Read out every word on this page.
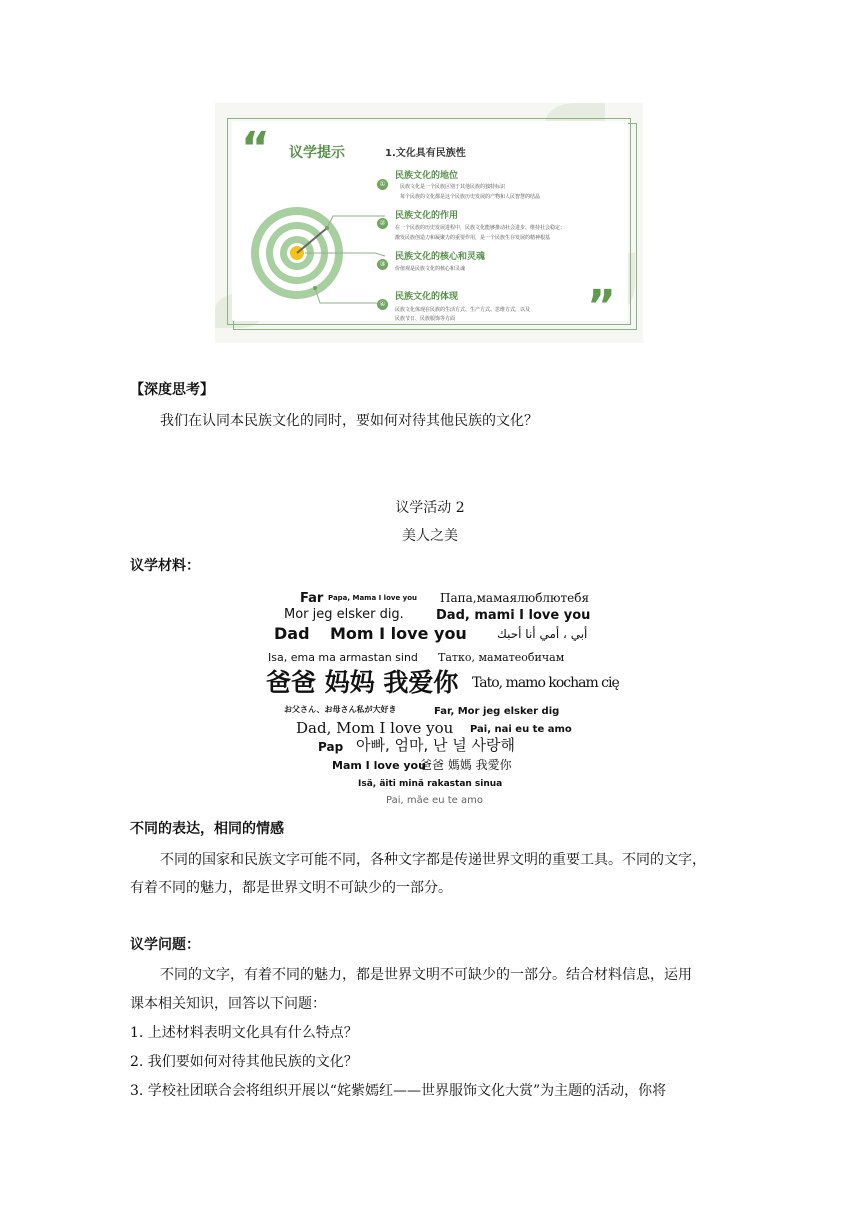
“
”
议学提示	1.文化具有民族性
①
民族文化的地位
民族文化是一个民族区别于其他民族的独特标识
每个民族的文化都是这个民族历史发展的产物和人民智慧的结晶
②
民族文化的作用
在一个民族的历史发展进程中，民族文化能够推动社会进步、维持社会稳定；
激发民族创造力和凝聚力的重要作用，是一个民族生存发展的精神根基
③
民族文化的核心和灵魂
价值观是民族文化的核心和灵魂
④
民族文化的体现
民族文化体现在民族的生活方式、生产方式、思维方式，以及
民族节日、民族服饰等方面
【深度思考】
我们在认同本民族文化的同时，要如何对待其他民族的文化？
议学活动 2
美人之美
议学材料：
Far Papa, Mama I love you Папа,мамаялюблютебя
Mor jeg elsker dig. Dad, mami I love you
Dad Mom I love you	أبي ، أمي أنا أحبك
Isa, ema ma armastan sind Татко, маматеобичам
爸爸 妈妈 我爱你 Tato, mamo kocham cię
お父さん、お母さん私が大好き	Far, Mor jeg elsker dig
Dad, Mom I love you Pai, nai eu te amo
Pap 아빠, 엄마, 난 널 사랑해
Mam I love you
爸爸 媽媽 我愛你
Isä, äiti minä rakastan sinua
Pai, mãe eu te amo
不同的表达，相同的情感
不同的国家和民族文字可能不同，各种文字都是传递世界文明的重要工具。不同的文字，
有着不同的魅力，都是世界文明不可缺少的一部分。
议学问题：
不同的文字，有着不同的魅力，都是世界文明不可缺少的一部分。结合材料信息，运用
课本相关知识，回答以下问题：
1. 上述材料表明文化具有什么特点？
2. 我们要如何对待其他民族的文化？
3. 学校社团联合会将组织开展以“姹紫嫣红——世界服饰文化大赏”为主题的活动，你将
